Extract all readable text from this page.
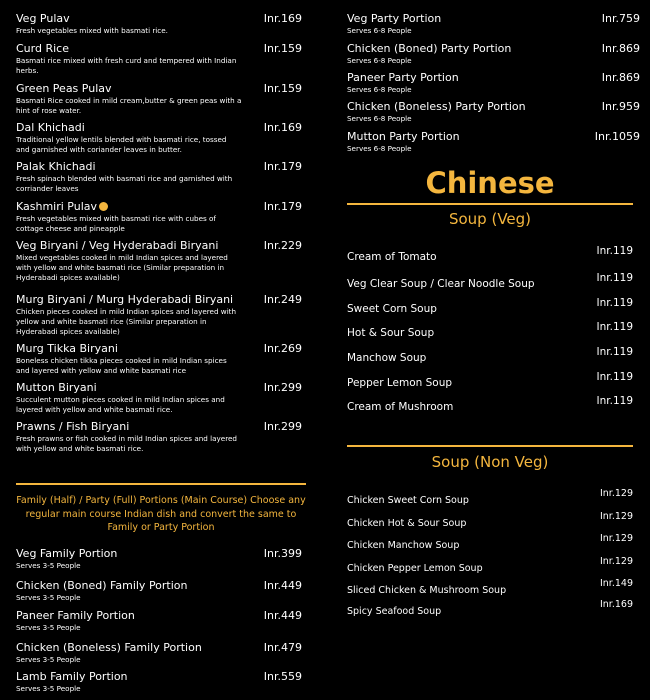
Veg Pulav
Fresh vegetables mixed with basmati rice.
Inr.169
Curd Rice
Basmati rice mixed with fresh curd and tempered with Indian herbs.
Inr.159
Green Peas Pulav
Basmati Rice cooked in mild cream,butter & green peas with a hint of rose water.
Inr.159
Dal Khichadi
Traditional yellow lentils blended with basmati rice, tossed and garnished with coriander leaves in butter.
Inr.169
Palak Khichadi
Fresh spinach blended with basmati rice and garnished with corriander leaves
Inr.179
Kashmiri Pulav
Fresh vegetables mixed with basmati rice with cubes of cottage cheese and pineapple
Inr.179
Veg Biryani / Veg Hyderabadi Biryani
Mixed vegetables cooked in mild Indian spices and layered with yellow and white basmati rice (Similar preparation in Hyderabadi spices available)
Inr.229
Murg Biryani / Murg Hyderabadi Biryani
Chicken pieces cooked in mild Indian spices and layered with yellow and white basmati rice (Similar preparation in Hyderabadi spices available)
Inr.249
Murg Tikka Biryani
Boneless chicken tikka pieces cooked in mild Indian spices and layered with yellow and white basmati rice
Inr.269
Mutton Biryani
Succulent mutton pieces cooked in mild Indian spices and layered with yellow and white basmati rice.
Inr.299
Prawns / Fish Biryani
Fresh prawns or fish cooked in mild Indian spices and layered with yellow and white basmati rice.
Inr.299
Family (Half) / Party (Full) Portions (Main Course) Choose any regular main course Indian dish and convert the same to Family or Party Portion
Veg Family Portion
Serves 3-5 People
Inr.399
Chicken (Boned) Family Portion
Serves 3-5 People
Inr.449
Paneer Family Portion
Serves 3-5 People
Inr.449
Chicken (Boneless) Family Portion
Serves 3-5 People
Inr.479
Lamb Family Portion
Serves 3-5 People
Inr.559
Veg Party Portion
Serves 6-8 People
Inr.759
Chicken (Boned) Party Portion
Serves 6-8 People
Inr.869
Paneer Party Portion
Serves 6-8 People
Inr.869
Chicken (Boneless) Party Portion
Serves 6-8 People
Inr.959
Mutton Party Portion
Serves 6-8 People
Inr.1059
Chinese
Soup (Veg)
Cream of Tomato	Inr.119
Veg Clear Soup / Clear Noodle Soup	Inr.119
Sweet Corn Soup	Inr.119
Hot & Sour Soup	Inr.119
Manchow Soup	Inr.119
Pepper Lemon Soup	Inr.119
Cream of Mushroom	Inr.119
Soup (Non Veg)
Chicken Sweet Corn Soup
Inr.129
Chicken Hot & Sour Soup
Inr.129
Chicken Manchow Soup
Inr.129
Chicken Pepper Lemon Soup
Inr.129
Sliced Chicken & Mushroom Soup
Inr.149
Spicy Seafood Soup
Inr.169
